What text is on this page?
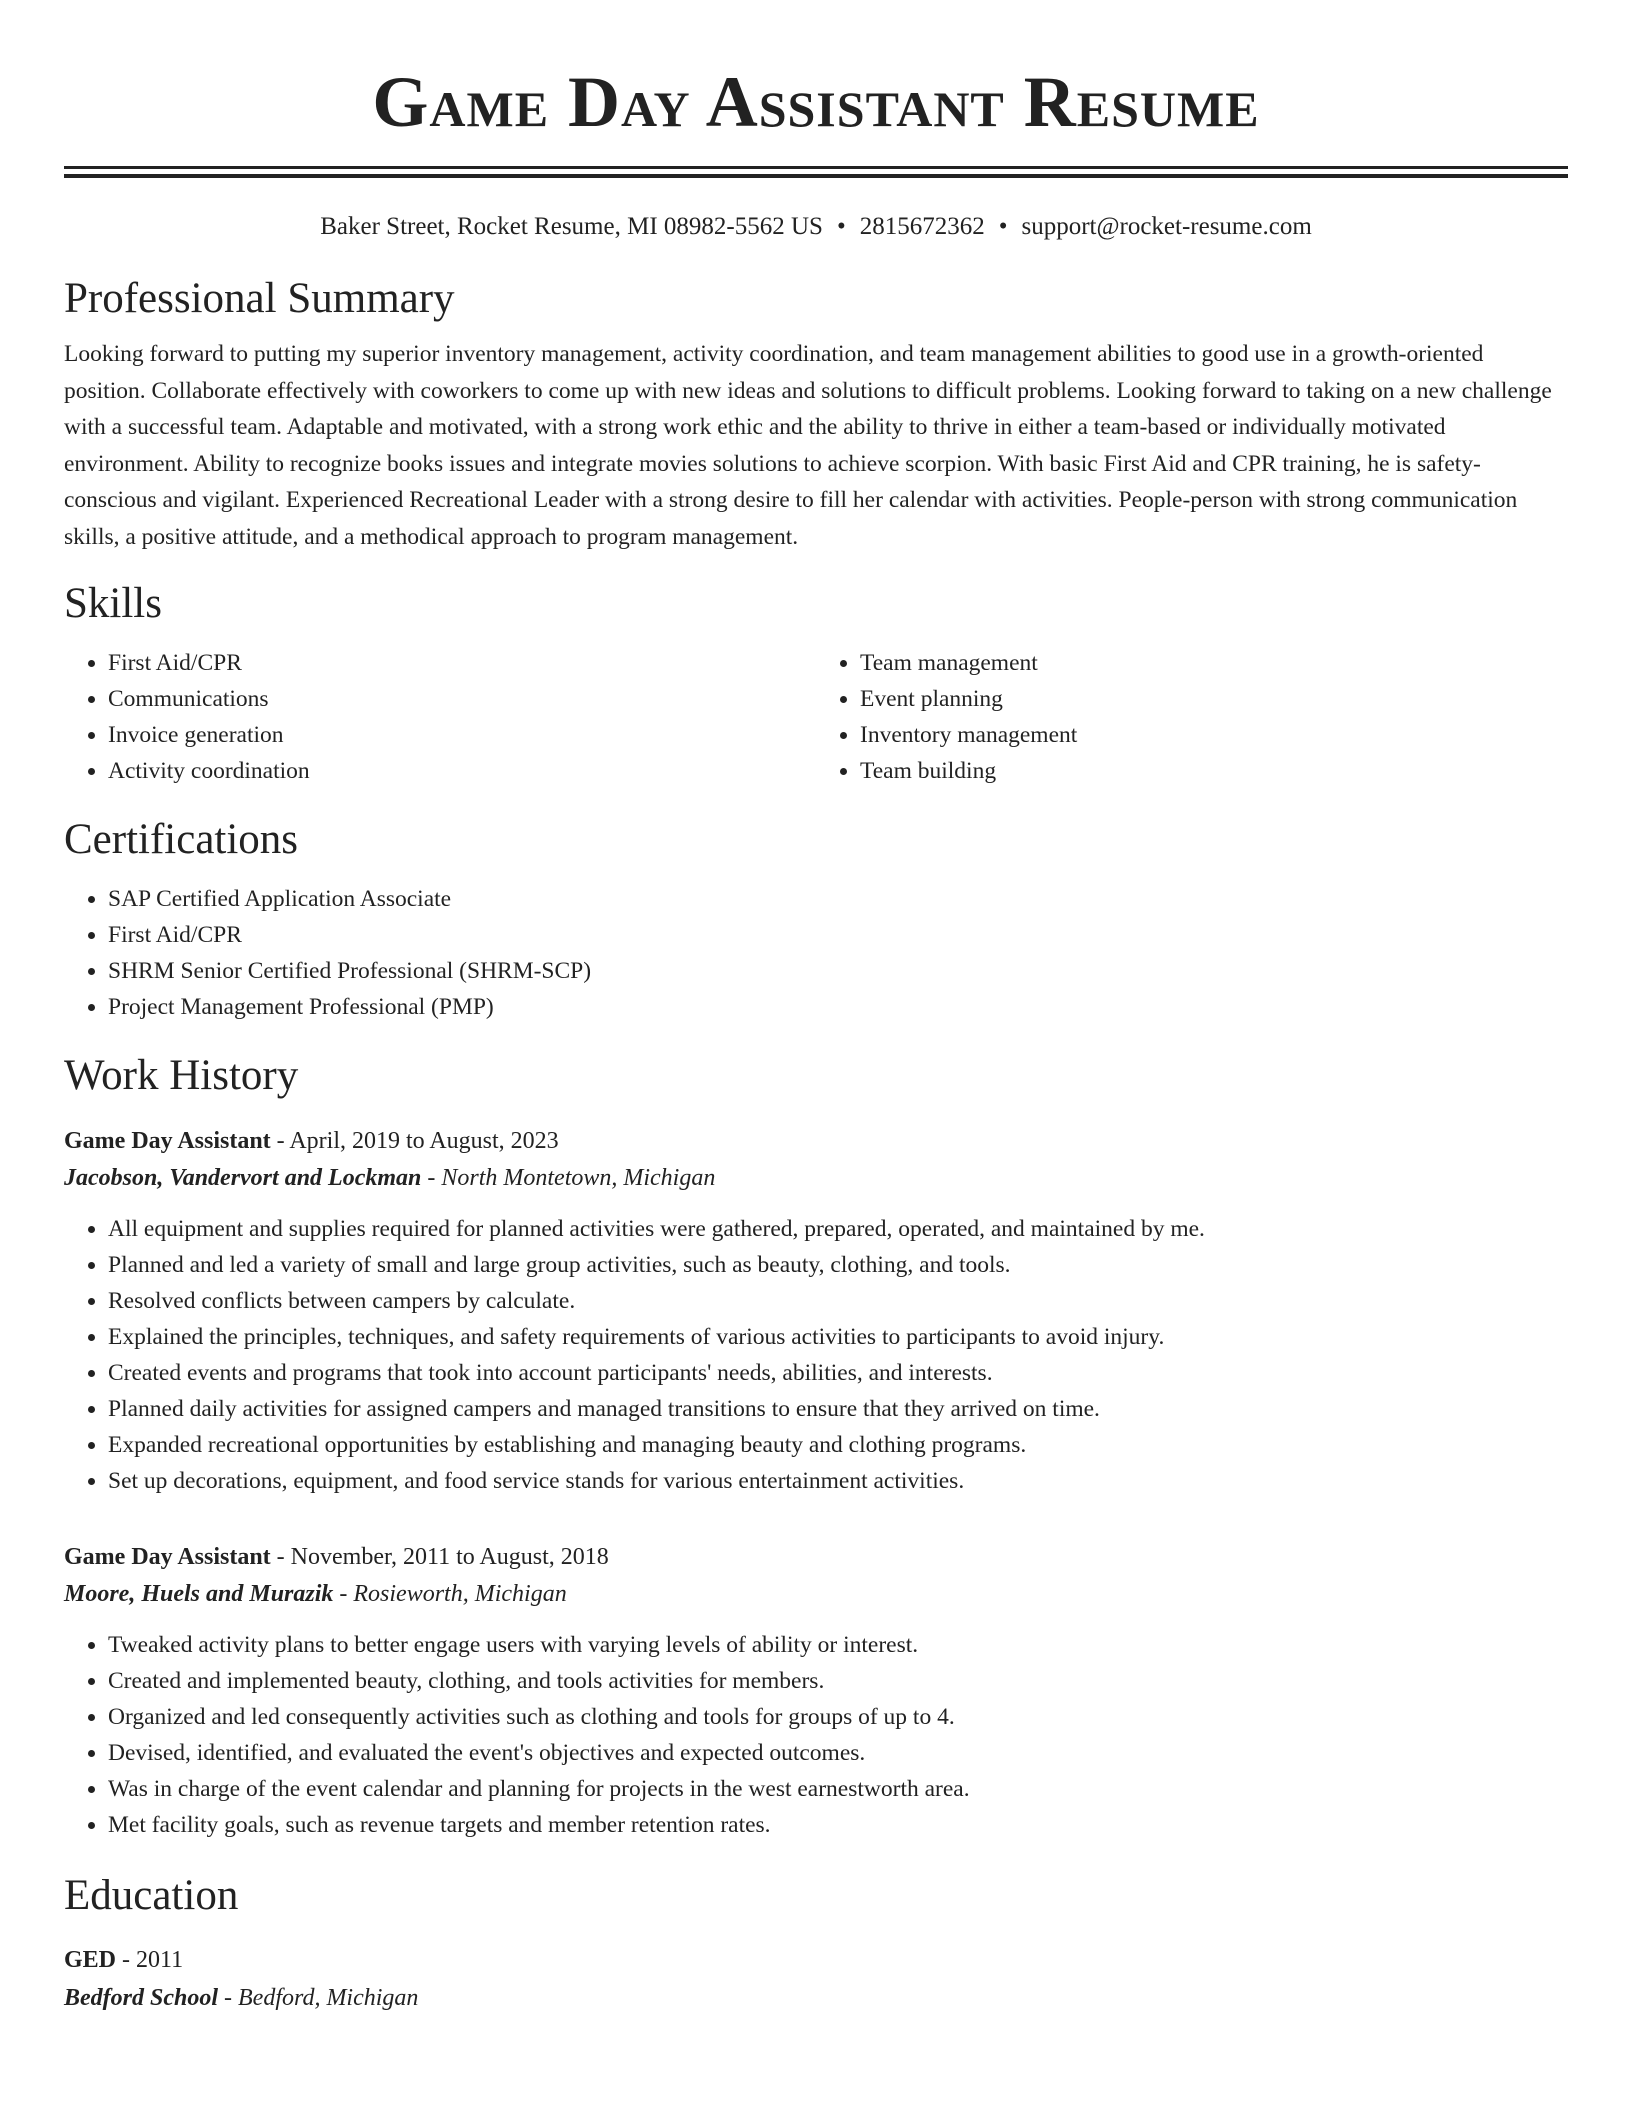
Game Day Assistant Resume
Baker Street, Rocket Resume, MI 08982-5562 US • 2815672362 • support@rocket-resume.com
Professional Summary
Looking forward to putting my superior inventory management, activity coordination, and team management abilities to good use in a growth-oriented position. Collaborate effectively with coworkers to come up with new ideas and solutions to difficult problems. Looking forward to taking on a new challenge with a successful team. Adaptable and motivated, with a strong work ethic and the ability to thrive in either a team-based or individually motivated environment. Ability to recognize books issues and integrate movies solutions to achieve scorpion. With basic First Aid and CPR training, he is safety-conscious and vigilant. Experienced Recreational Leader with a strong desire to fill her calendar with activities. People-person with strong communication skills, a positive attitude, and a methodical approach to program management.
Skills
• First Aid/CPR
• Communications
• Invoice generation
• Activity coordination
• Team management
• Event planning
• Inventory management
• Team building
Certifications
• SAP Certified Application Associate
• First Aid/CPR
• SHRM Senior Certified Professional (SHRM-SCP)
• Project Management Professional (PMP)
Work History
Game Day Assistant - April, 2019 to August, 2023
Jacobson, Vandervort and Lockman - North Montetown, Michigan
• All equipment and supplies required for planned activities were gathered, prepared, operated, and maintained by me.
• Planned and led a variety of small and large group activities, such as beauty, clothing, and tools.
• Resolved conflicts between campers by calculate.
• Explained the principles, techniques, and safety requirements of various activities to participants to avoid injury.
• Created events and programs that took into account participants' needs, abilities, and interests.
• Planned daily activities for assigned campers and managed transitions to ensure that they arrived on time.
• Expanded recreational opportunities by establishing and managing beauty and clothing programs.
• Set up decorations, equipment, and food service stands for various entertainment activities.
Game Day Assistant - November, 2011 to August, 2018
Moore, Huels and Murazik - Rosieworth, Michigan
• Tweaked activity plans to better engage users with varying levels of ability or interest.
• Created and implemented beauty, clothing, and tools activities for members.
• Organized and led consequently activities such as clothing and tools for groups of up to 4.
• Devised, identified, and evaluated the event's objectives and expected outcomes.
• Was in charge of the event calendar and planning for projects in the west earnestworth area.
• Met facility goals, such as revenue targets and member retention rates.
Education
GED - 2011
Bedford School - Bedford, Michigan
